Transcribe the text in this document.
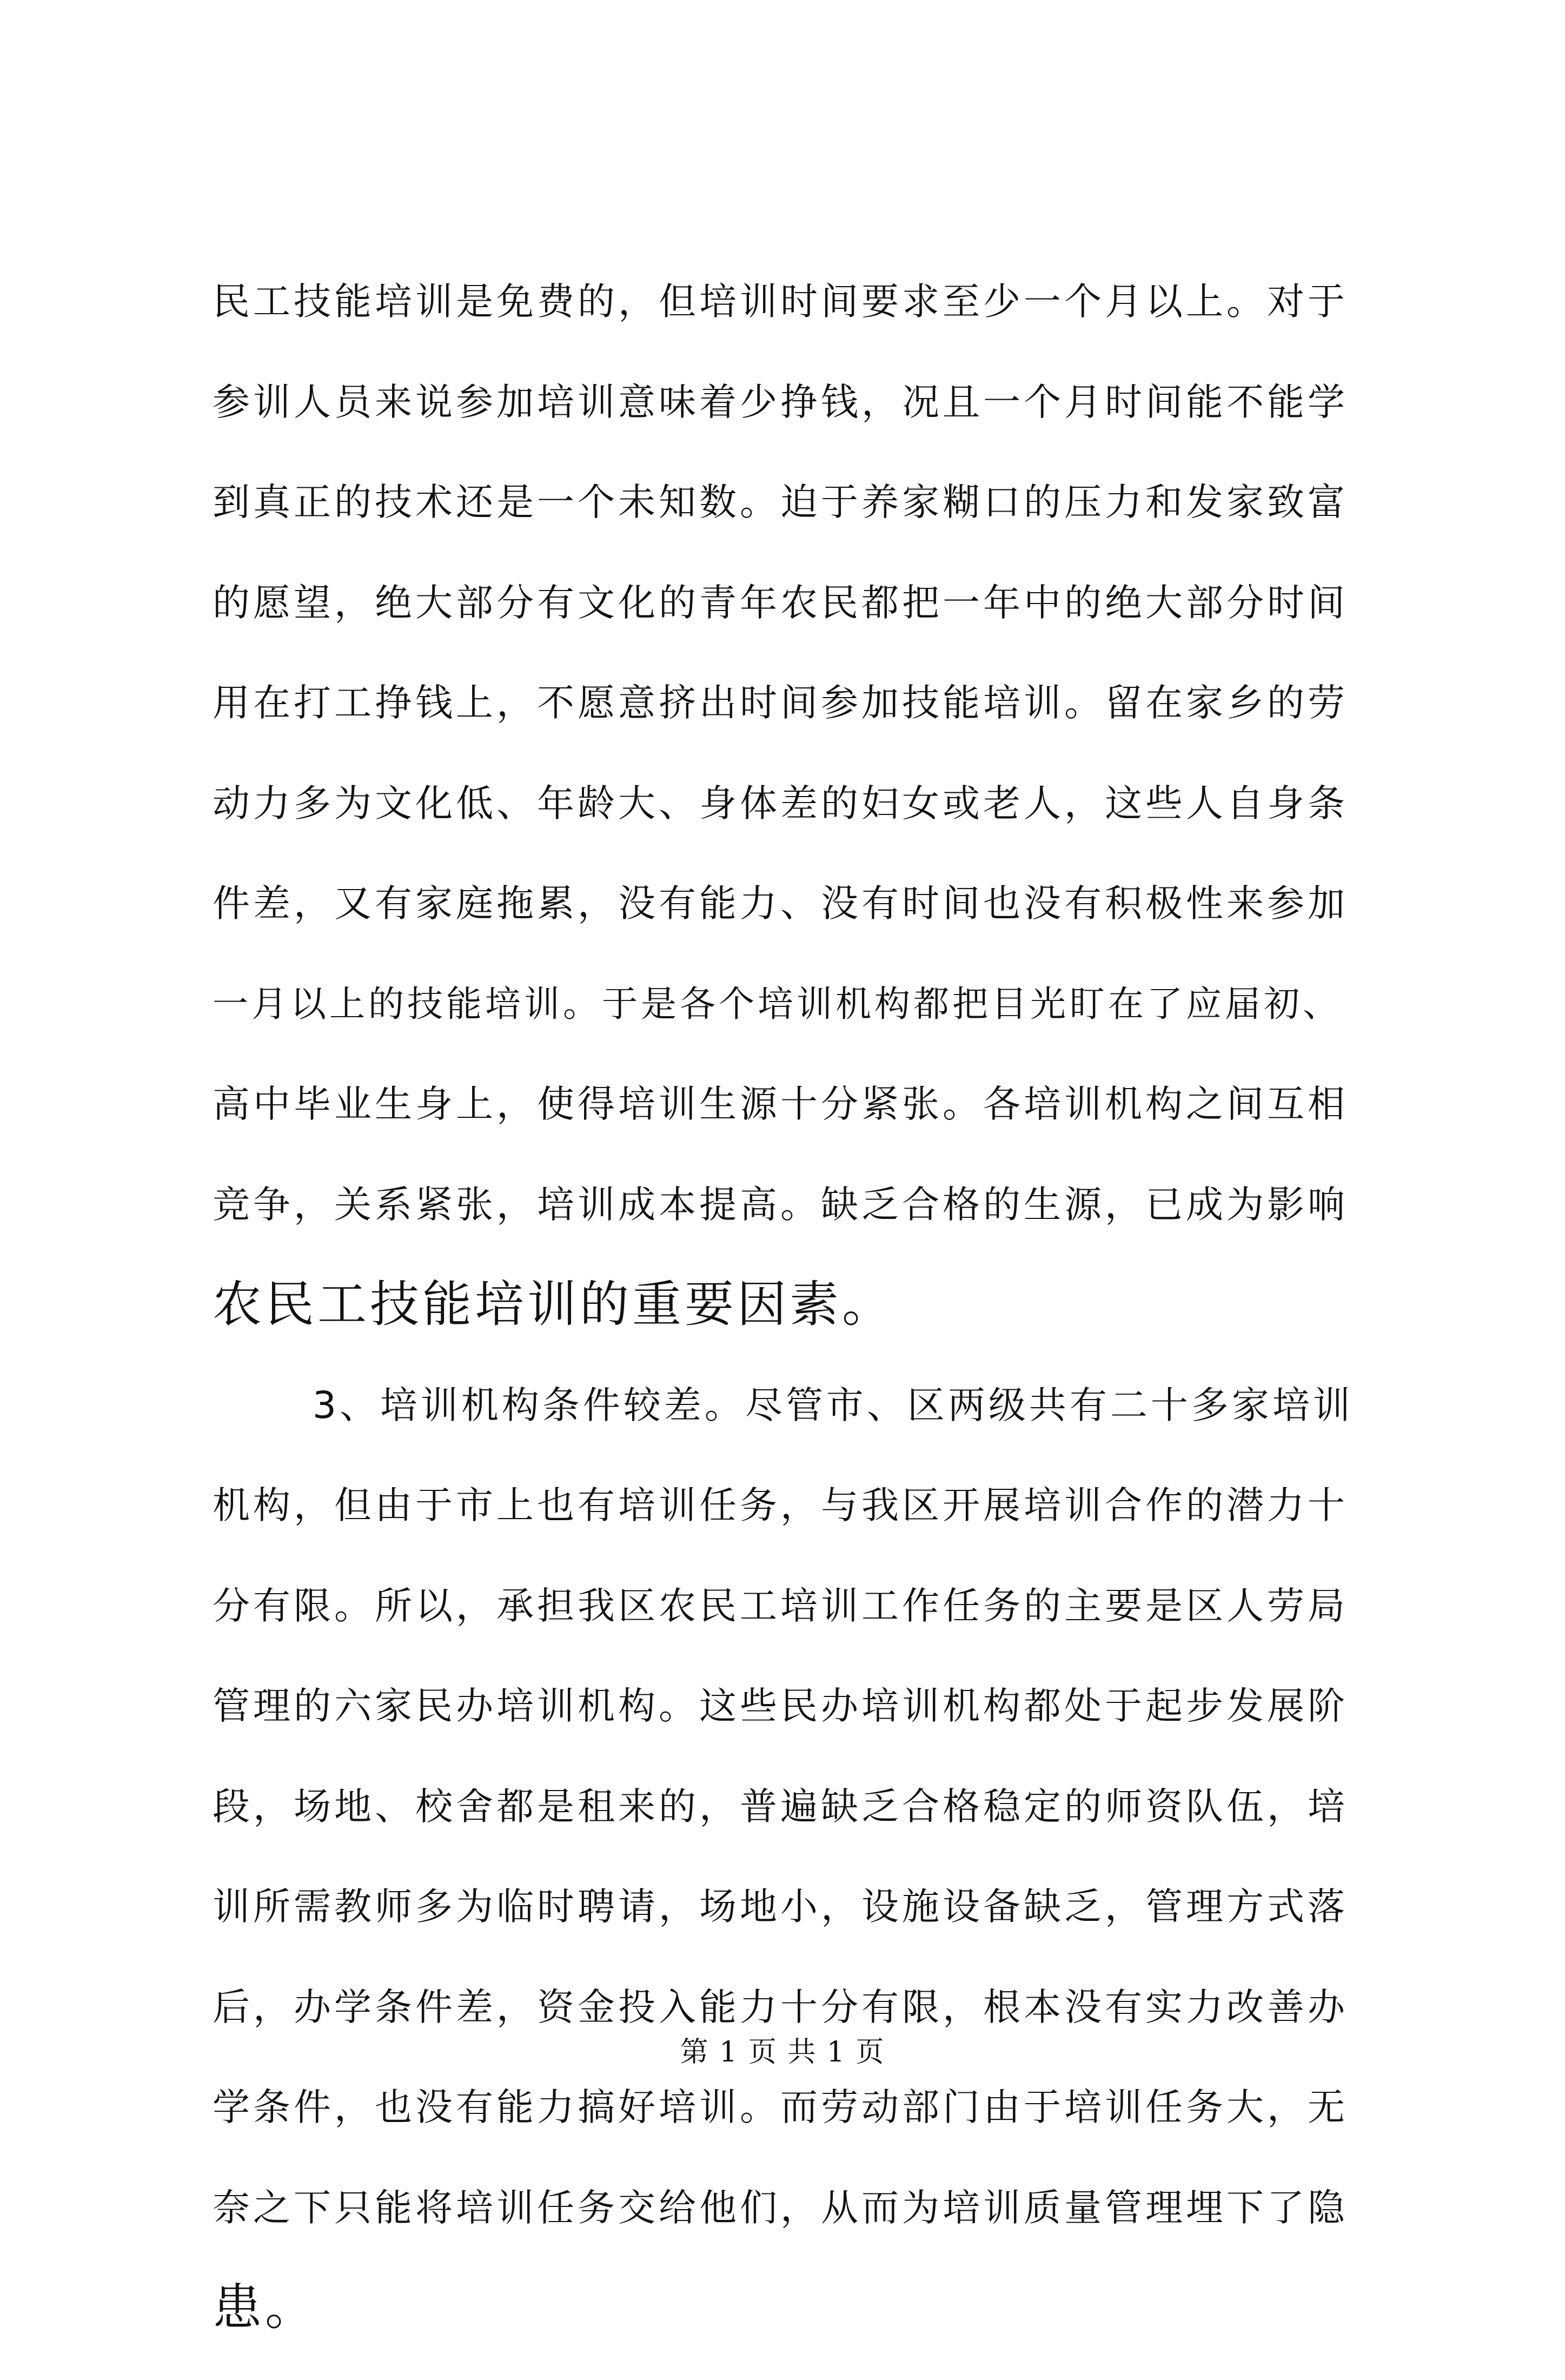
民工技能培训是免费的，但培训时间要求至少一个月以上。对于
参训人员来说参加培训意味着少挣钱，况且一个月时间能不能学
到真正的技术还是一个未知数。迫于养家糊口的压力和发家致富
的愿望，绝大部分有文化的青年农民都把一年中的绝大部分时间
用在打工挣钱上，不愿意挤出时间参加技能培训。留在家乡的劳
动力多为文化低、年龄大、身体差的妇女或老人，这些人自身条
件差，又有家庭拖累，没有能力、没有时间也没有积极性来参加
一月以上的技能培训。于是各个培训机构都把目光盯在了应届初、
高中毕业生身上，使得培训生源十分紧张。各培训机构之间互相
竞争，关系紧张，培训成本提高。缺乏合格的生源，已成为影响
农民工技能培训的重要因素。
3、培训机构条件较差。尽管市、区两级共有二十多家培训
机构，但由于市上也有培训任务，与我区开展培训合作的潜力十
分有限。所以，承担我区农民工培训工作任务的主要是区人劳局
管理的六家民办培训机构。这些民办培训机构都处于起步发展阶
段，场地、校舍都是租来的，普遍缺乏合格稳定的师资队伍，培
训所需教师多为临时聘请，场地小，设施设备缺乏，管理方式落
后，办学条件差，资金投入能力十分有限，根本没有实力改善办
学条件，也没有能力搞好培训。而劳动部门由于培训任务大，无
奈之下只能将培训任务交给他们，从而为培训质量管理埋下了隐
患。
第 1 页 共 1 页
